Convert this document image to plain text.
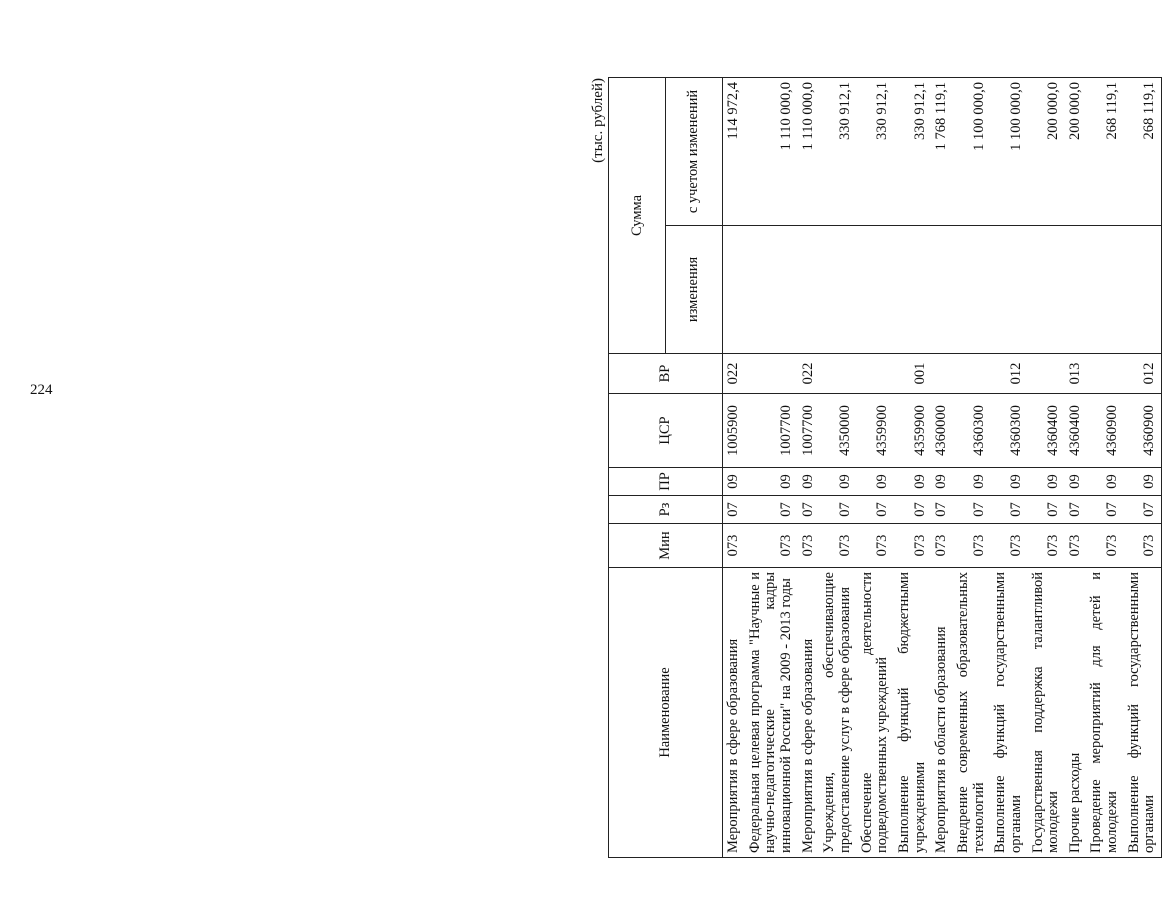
224
(тыс. рублей)
Наименование	Мин	Рз	ПР	ЦСР	ВР	Сумма	
						изменения	с учетом изменений
Мероприятия в сфере образования	073	07	09	1005900	022		114 972,4
Федеральная целевая программа "Научные и научно-педагогические кадры инновационной России" на 2009 - 2013 годы	073	07	09	1007700			1 110 000,0
Мероприятия в сфере образования	073	07	09	1007700	022		1 110 000,0
Учреждения, обеспечивающие предоставление услуг в сфере образования	073	07	09	4350000			330 912,1
Обеспечение деятельности подведомственных учреждений	073	07	09	4359900			330 912,1
Выполнение функций бюджетными учреждениями	073	07	09	4359900	001		330 912,1
Мероприятия в области образования	073	07	09	4360000			1 768 119,1
Внедрение современных образовательных технологий	073	07	09	4360300			1 100 000,0
Выполнение функций государственными органами	073	07	09	4360300	012		1 100 000,0
Государственная поддержка талантливой молодежи	073	07	09	4360400			200 000,0
Прочие расходы	073	07	09	4360400	013		200 000,0
Проведение мероприятий для детей и молодежи	073	07	09	4360900			268 119,1
Выполнение функций государственными органами	073	07	09	4360900	012		268 119,1
